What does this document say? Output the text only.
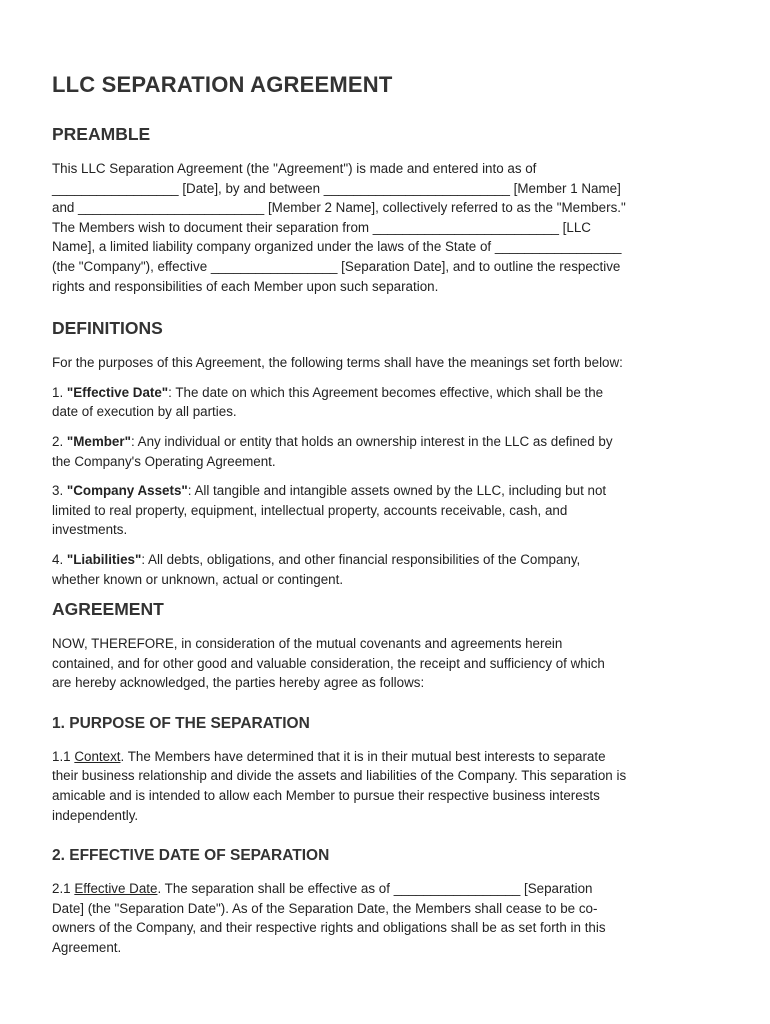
LLC SEPARATION AGREEMENT
PREAMBLE

This LLC Separation Agreement (the "Agreement") is made and entered into as of
_________________ [Date], by and between _________________________ [Member 1 Name]
and _________________________ [Member 2 Name], collectively referred to as the "Members."
The Members wish to document their separation from _________________________ [LLC
Name], a limited liability company organized under the laws of the State of _________________
(the "Company"), effective _________________ [Separation Date], and to outline the respective
rights and responsibilities of each Member upon such separation.

DEFINITIONS

For the purposes of this Agreement, the following terms shall have the meanings set forth below:

1. "Effective Date": The date on which this Agreement becomes effective, which shall be the
date of execution by all parties.

2. "Member": Any individual or entity that holds an ownership interest in the LLC as defined by
the Company's Operating Agreement.

3. "Company Assets": All tangible and intangible assets owned by the LLC, including but not
limited to real property, equipment, intellectual property, accounts receivable, cash, and
investments.

4. "Liabilities": All debts, obligations, and other financial responsibilities of the Company,
whether known or unknown, actual or contingent.

AGREEMENT

NOW, THEREFORE, in consideration of the mutual covenants and agreements herein
contained, and for other good and valuable consideration, the receipt and sufficiency of which
are hereby acknowledged, the parties hereby agree as follows:

1. PURPOSE OF THE SEPARATION

1.1 Context. The Members have determined that it is in their mutual best interests to separate
their business relationship and divide the assets and liabilities of the Company. This separation is
amicable and is intended to allow each Member to pursue their respective business interests
independently.

2. EFFECTIVE DATE OF SEPARATION

2.1 Effective Date. The separation shall be effective as of _________________ [Separation
Date] (the "Separation Date"). As of the Separation Date, the Members shall cease to be co-
owners of the Company, and their respective rights and obligations shall be as set forth in this
Agreement.
